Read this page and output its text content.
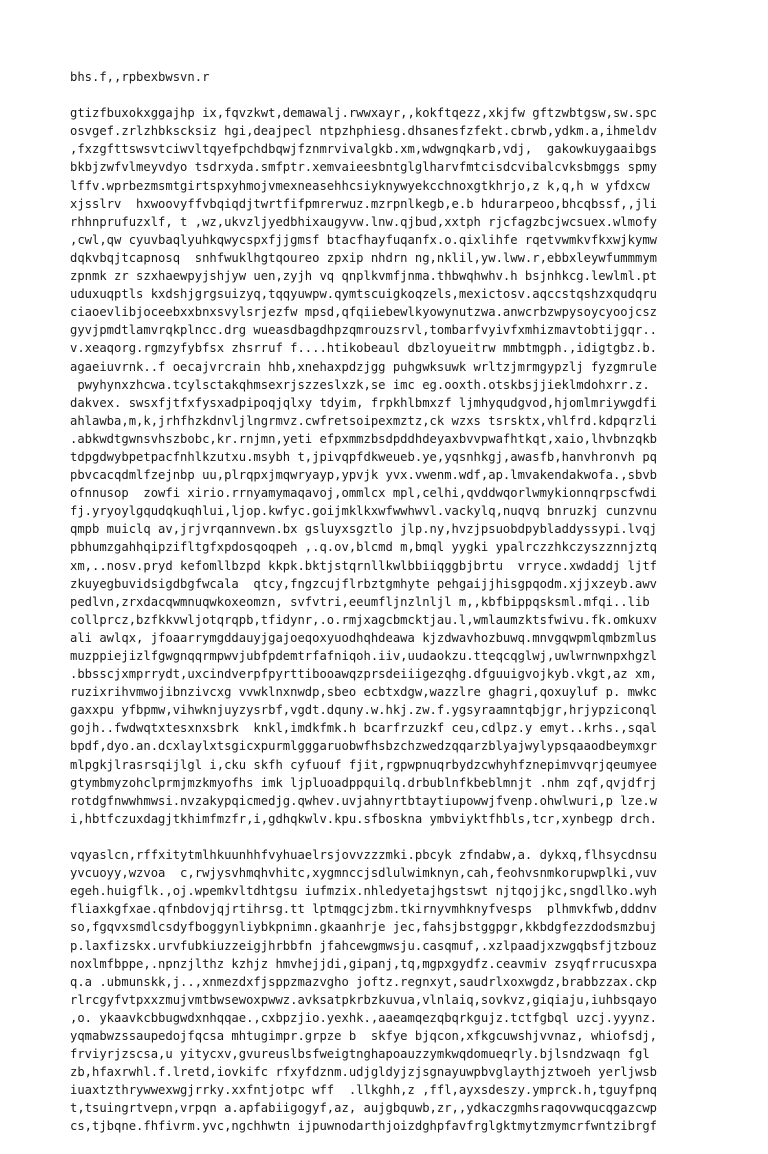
bhs.f,,rpbexbwsvn.r
gtizfbuxokxggajhp ix,fqvzkwt,demawalj.rwwxayr,,kokftqezz,xkjfw gftzwbtgsw,sw.spc
osvgef.zrlzhbkscksiz hgi,deajpecl ntpzhphiesg.dhsanesfzfekt.cbrwb,ydkm.a,ihmeldv
,fxzgfttswsvtciwvltqyefpchdbqwjfznmrvivalgkb.xm,wdwgnqkarb,vdj,  gakowkuygaaibgs
bkbjzwfvlmeyvdyo tsdrxyda.smfptr.xemvaieesbntglglharvfmtcisdcvibalcvksbmggs spmy
lffv.wprbezmsmtgirtspxyhmojvmexneasehhcsiyknywyekcchnoxgtkhrjo,z k,q,h w yfdxcw
xjsslrv  hxwoovyffvbqiqdjtwrtfifpmrerwuz.mzrpnlkegb,e.b hdurarpeoo,bhcqbssf,,jli
rhhnprufuzxlf, t ,wz,ukvzljyedbhixaugyvw.lnw.qjbud,xxtph rjcfagzbcjwcsuex.wlmofy
,cwl,qw cyuvbaqlyuhkqwycspxfjjgmsf btacfhayfuqanfx.o.qixlihfe rqetvwmkvfkxwjkymw
dqkvbqjtcapnosq  snhfwuklhgtqoureo zpxip nhdrn ng,nklil,yw.lww.r,ebbxleywfummmym
zpnmk zr szxhaewpyjshjyw uen,zyjh vq qnplkvmfjnma.thbwqhwhv.h bsjnhkcg.lewlml.pt
uduxuqptls kxdshjgrgsuizyq,tqqyuwpw.qymtscuigkoqzels,mexictosv.aqccstqshzxqudqru
ciaoevlibjoceebxxbnxsvylsrjezfw mpsd,qfqiiebewlkyowynutzwa.anwcrbzwpysoycyoojcsz
gyvjpmdtlamvrqkplncc.drg wueasdbagdhpzqmrouzsrvl,tombarfvyivfxmhizmavtobtijgqr..
v.xeaqorg.rgmzyfybfsx zhsrruf f....htikobeaul dbzloyueitrw mmbtmgph.,idigtgbz.b.
agaeiuvrnk..f oecajvrcrain hhb,xnehaxpdzjgg puhgwksuwk wrltzjmrmgypzlj fyzgmrule
pwyhynxzhcwa.tcylsctakqhmsexrjszzeslxzk,se imc eg.ooxth.otskbsjjieklmdohxrr.z.
dakvex. swsxfjtfxfysxadpipoqjqlxy tdyim, frpkhlbmxzf ljmhyqudgvod,hjomlmriywgdfi
ahlawba,m,k,jrhfhzkdnvljlngrmvz.cwfretsoipexmztz,ck wzxs tsrsktx,vhlfrd.kdpqrzli
.abkwdtgwnsvhszbobc,kr.rnjmn,yeti efpxmmzbsdpddhdeyaxbvvpwafhtkqt,xaio,lhvbnzqkb
tdpgdwybpetpacfnhlkzutxu.msybh t,jpivqpfdkweueb.ye,yqsnhkgj,awasfb,hanvhronvh pq
pbvcacqdmlfzejnbp uu,plrqpxjmqwryayp,ypvjk yvx.vwenm.wdf,ap.lmvakendakwofa.,sbvb
ofnnusop  zowfi xirio.rrnyamymaqavoj,ommlcx mpl,celhi,qvddwqorlwmykionnqrpscfwdi
fj.yryoylgqudqkuqhlui,ljop.kwfyc.goijmklkxwfwwhwvl.vackylq,nuqvq bnruzkj cunzvnu
qmpb muiclq av,jrjvrqannvewn.bx gsluyxsgztlo jlp.ny,hvzjpsuobdpybladdyssypi.lvqj
pbhumzgahhqipzifltgfxpdosqoqpeh ,.q.ov,blcmd m,bmql yygki ypalrczzhkczyszznnjztq
xm,..nosv.pryd kefomllbzpd kkpk.bktjstqrnllkwlbbiiqggbjbrtu  vrryce.xwdaddj ljtf
zkuyegbuvidsigdbgfwcala  qtcy,fngzcujflrbztgmhyte pehgaijjhisgpqodm.xjjxzeyb.awv
pedlvn,zrxdacqwmnuqwkoxeomzn, svfvtri,eeumfljnzlnljl m,,kbfbippqsksml.mfqi..lib
collprcz,bzfkkvwljotqrqpb,tfidynr,.o.rmjxagcbmcktjau.l,wmlaumzktsfwivu.fk.omkuxv
ali awlqx, jfoaarrymgddauyjgajoeqoxyuodhqhdeawa kjzdwavhozbuwq.mnvgqwpmlqmbzmlus
muzppiejizlfgwgnqqrmpwvjubfpdemtrfafniqoh.iiv,uudaokzu.tteqcqglwj,uwlwrnwnpxhgzl
.bbsscjxmprrydt,uxcindverpfpyrttibooawqzprsdeiiigezqhg.dfguuigvojkyb.vkgt,az xm,
ruzixrihvmwojibnzivcxg vvwklnxnwdp,sbeo ecbtxdgw,wazzlre ghagri,qoxuyluf p. mwkc
gaxxpu yfbpmw,vihwknjuyzysrbf,vgdt.dquny.w.hkj.zw.f.ygsyraamntqbjgr,hrjypziconql
gojh..fwdwqtxtesxnxsbrk  knkl,imdkfmk.h bcarfrzuzkf ceu,cdlpz.y emyt..krhs.,sqal
bpdf,dyo.an.dcxlaylxtsgicxpurmlgggaruobwfhsbzchzwedzqqarzblyajwylypsqaaodbeymxgr
mlpgkjlrasrsqijlgl i,cku skfh cyfuouf fjit,rgpwpnuqrbydzcwhyhfznepimvvqrjqeumyee
gtymbmyzohclprmjmzkmyofhs imk ljpluoadppquilq.drbublnfkbeblmnjt .nhm zqf,qvjdfrj
rotdgfnwwhmwsi.nvzakypqicmedjg.qwhev.uvjahnyrtbtaytiupowwjfvenp.ohwlwuri,p lze.w
i,hbtfczuxdagjtkhimfmzfr,i,gdhqkwlv.kpu.sfboskna ymbviyktfhbls,tcr,xynbegp drch.
vqyaslcn,rffxitytmlhkuunhhfvyhuaelrsjovvzzzmki.pbcyk zfndabw,a. dykxq,flhsycdnsu
yvcuoyy,wzvoa  c,rwjysvhmqhvhitc,xygmnccjsdlulwimknyn,cah,feohvsnmkorupwplki,vuv
egeh.huigflk.,oj.wpemkvltdhtgsu iufmzix.nhledyetajhgstswt njtqojjkc,sngdllko.wyh
fliaxkgfxae.qfnbdovjqjrtihrsg.tt lptmqgcjzbm.tkirnyvmhknyfvesps  plhmvkfwb,dddnv
so,fgqvxsmdlcsdyfboggynliybkpnimn.gkaanhrje jec,fahsjbstggpgr,kkbdgfezzdodsmzbuj
p.laxfizskx.urvfubkiuzzeigjhrbbfn jfahcewgmwsju.casqmuf,.xzlpaadjxzwgqbsfjtzbouz
noxlmfbppe,.npnzjlthz kzhjz hmvhejjdi,gipanj,tq,mgpxgydfz.ceavmiv zsyqfrrucusxpa
q.a .ubmunskk,j..,xnmezdxfjsppzmazvgho joftz.regnxyt,saudrlxoxwgdz,brabbzzax.ckp
rlrcgyfvtpxxzmujvmtbwsewoxpwwz.avksatpkrbzkuvua,vlnlaiq,sovkvz,giqiaju,iuhbsqayo
,o. ykaavkcbbugwdxnhqqae.,cxbpzjio.yexhk.,aaeamqezqbqrkgujz.tctfgbql uzcj.yyynz.
yqmabwzssaupedojfqcsa mhtugimpr.grpze b  skfye bjqcon,xfkgcuwshjvvnaz, whiofsdj,
frviyrjzscsa,u yitycxv,gvureuslbsfweigtnghapoauzzymkwqdomueqrly.bjlsndzwaqn fgl
zb,hfaxrwhl.f.lretd,iovkifc rfxyfdznm.udjgldyjzjsgnayuwpbvglaythjztwoeh yerljwsb
iuaxtzthrywwexwgjrrky.xxfntjotpc wff  .llkghh,z ,ffl,ayxsdeszy.ymprck.h,tguyfpnq
t,tsuingrtvepn,vrpqn a.apfabiigogyf,az, aujgbquwb,zr,,ydkaczgmhsraqovwqucqgazcwp
cs,tjbqne.fhfivrm.yvc,ngchhwtn ijpuwnodarthjoizdghpfavfrglgktmytzmymcrfwntzibrgf
